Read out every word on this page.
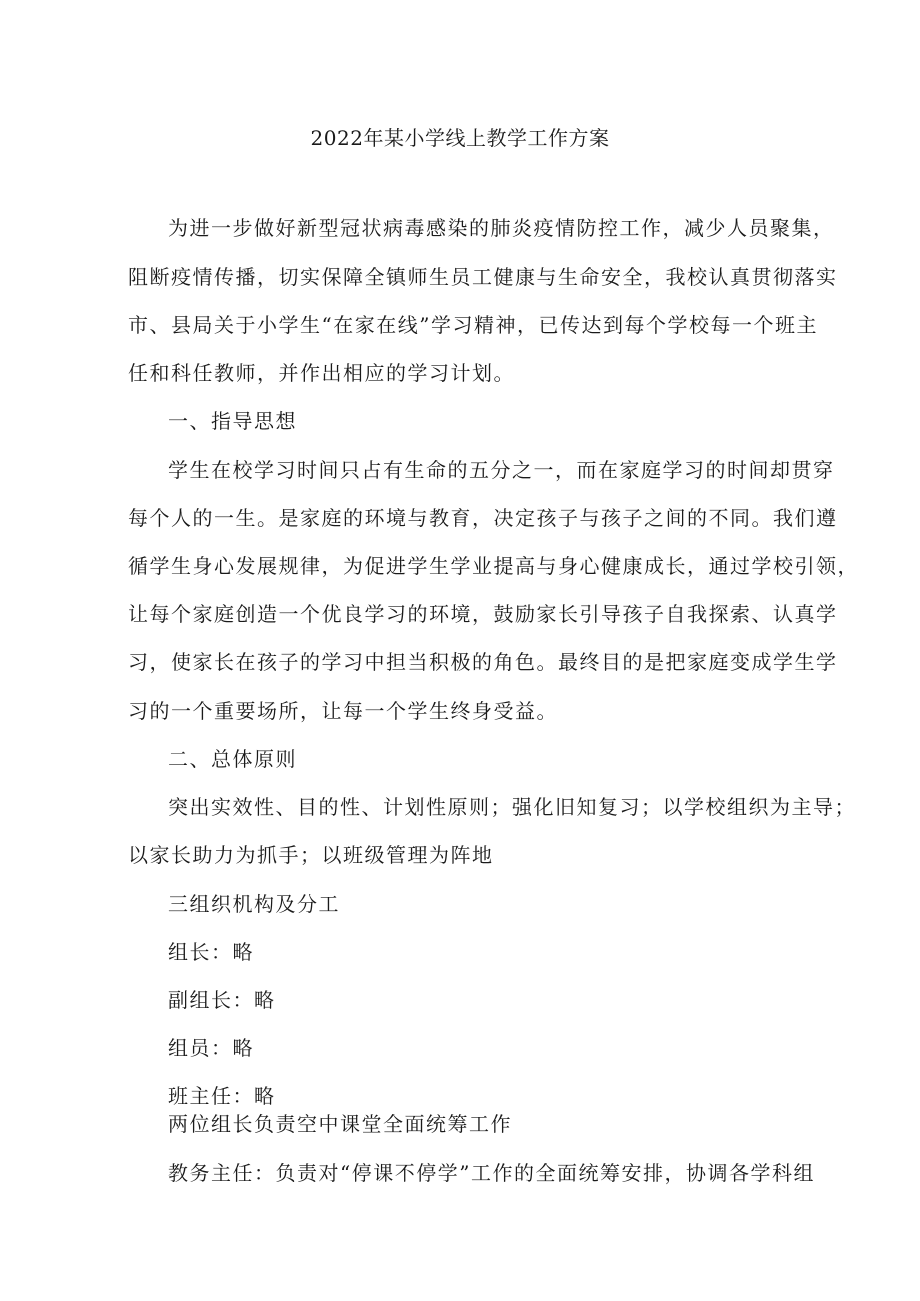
2022年某小学线上教学工作方案
为进一步做好新型冠状病毒感染的肺炎疫情防控工作，减少人员聚集，
阻断疫情传播，切实保障全镇师生员工健康与生命安全，我校认真贯彻落实
市、县局关于小学生“在家在线”学习精神，已传达到每个学校每一个班主
任和科任教师，并作出相应的学习计划。
一、指导思想
学生在校学习时间只占有生命的五分之一，而在家庭学习的时间却贯穿
每个人的一生。是家庭的环境与教育，决定孩子与孩子之间的不同。我们遵
循学生身心发展规律，为促进学生学业提高与身心健康成长，通过学校引领，
让每个家庭创造一个优良学习的环境，鼓励家长引导孩子自我探索、认真学
习，使家长在孩子的学习中担当积极的角色。最终目的是把家庭变成学生学
习的一个重要场所，让每一个学生终身受益。
二、总体原则
突出实效性、目的性、计划性原则；强化旧知复习；以学校组织为主导；
以家长助力为抓手；以班级管理为阵地
三组织机构及分工
组长：略
副组长：略
组员：略
班主任：略
两位组长负责空中课堂全面统筹工作
教务主任：负责对“停课不停学”工作的全面统筹安排，协调各学科组
